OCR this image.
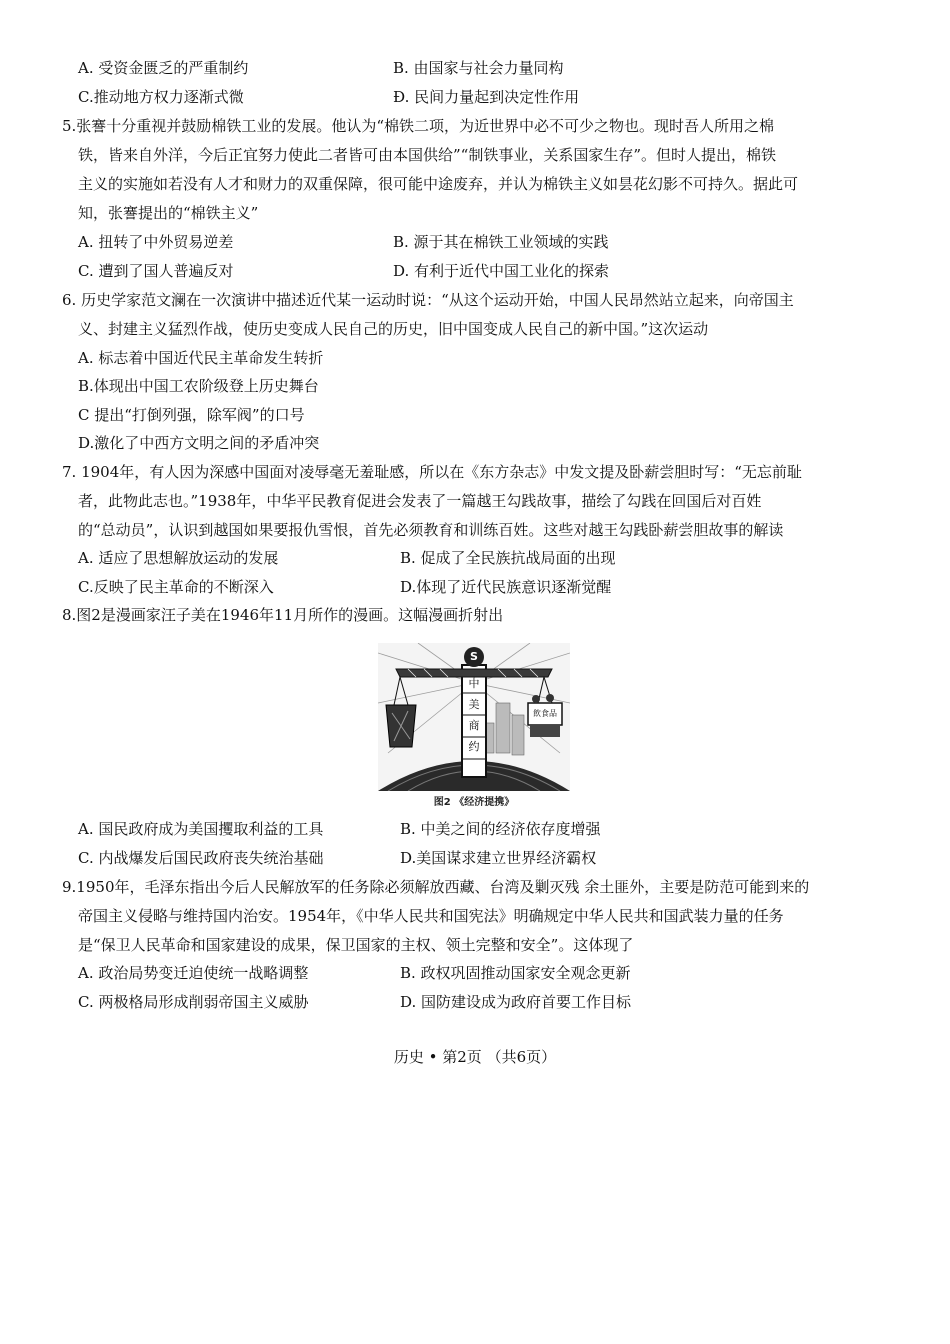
A. 受资金匮乏的严重制约	B. 由国家与社会力量同构
C.推动地方权力逐渐式微	Đ. 民间力量起到决定性作用
5.张謇十分重视并鼓励棉铁工业的发展。他认为“棉铁二项，为近世界中必不可少之物也。现时吾人所用之棉
铁，皆来自外洋，今后正宜努力使此二者皆可由本国供给”“制铁事业，关系国家生存”。但时人提出，棉铁
主义的实施如若没有人才和财力的双重保障，很可能中途废弃，并认为棉铁主义如昙花幻影不可持久。据此可
知，张謇提出的“棉铁主义”
A. 扭转了中外贸易逆差	B. 源于其在棉铁工业领域的实践
C. 遭到了国人普遍反对	D. 有利于近代中国工业化的探索
6. 历史学家范文澜在一次演讲中描述近代某一运动时说：“从这个运动开始，中国人民昂然站立起来，向帝国主
义、封建主义猛烈作战，使历史变成人民自己的历史，旧中国变成人民自己的新中国。”这次运动
A. 标志着中国近代民主革命发生转折
B.体现出中国工农阶级登上历史舞台
C 提出“打倒列强，除军阀”的口号
D.激化了中西方文明之间的矛盾冲突
7. 1904年，有人因为深感中国面对凌辱毫无羞耻感，所以在《东方杂志》中发文提及卧薪尝胆时写：“无忘前耻
者，此物此志也。”1938年，中华平民教育促进会发表了一篇越王勾践故事，描绘了勾践在回国后对百姓
的“总动员”，认识到越国如果要报仇雪恨，首先必须教育和训练百姓。这些对越王勾践卧薪尝胆故事的解读
A. 适应了思想解放运动的发展	B. 促成了全民族抗战局面的出现
C.反映了民主革命的不断深入	D.体现了近代民族意识逐渐觉醒
8.图2是漫画家汪子美在1946年11月所作的漫画。这幅漫画折射出
S
中
美
商
约
飲食品
图2 《经济提携》
A. 国民政府成为美国攫取利益的工具	B. 中美之间的经济依存度增强
C. 内战爆发后国民政府丧失统治基础	D.美国谋求建立世界经济霸权
9.1950年，毛泽东指出今后人民解放军的任务除必须解放西藏、台湾及剿灭残 余土匪外，主要是防范可能到来的
帝国主义侵略与维持国内治安。1954年，《中华人民共和国宪法》明确规定中华人民共和国武装力量的任务
是“保卫人民革命和国家建设的成果，保卫国家的主权、领土完整和安全”。这体现了
A. 政治局势变迁迫使统一战略调整	B. 政权巩固推动国家安全观念更新
C. 两极格局形成削弱帝国主义威胁	D. 国防建设成为政府首要工作目标
历史 • 第2页 （共6页）
